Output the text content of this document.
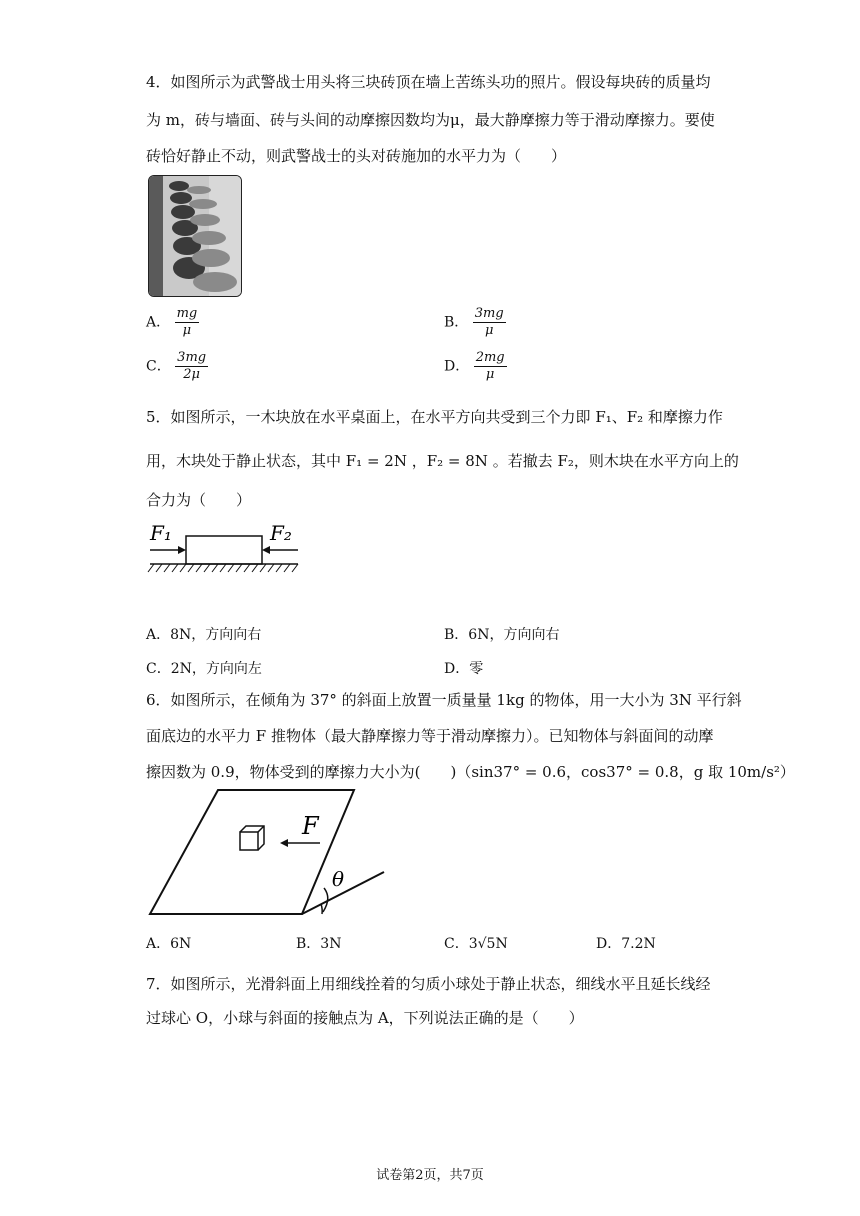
4．如图所示为武警战士用头将三块砖顶在墙上苦练头功的照片。假设每块砖的质量均
为 m，砖与墙面、砖与头间的动摩擦因数均为μ，最大静摩擦力等于滑动摩擦力。要使
砖恰好静止不动，则武警战士的头对砖施加的水平力为（　　）
A． $\frac{mg}{\mu}$	B． $\frac{3mg}{\mu}$
C． $\frac{3mg}{2\mu}$	D． $\frac{2mg}{\mu}$
5．如图所示，一木块放在水平桌面上，在水平方向共受到三个力即 F₁、F₂ 和摩擦力作
用，木块处于静止状态，其中 F₁ = 2N ，F₂ = 8N 。若撤去 F₂，则木块在水平方向上的
合力为（　　）
F₁	F₂
A．8N，方向向右	B．6N，方向向右
C．2N，方向向左	D．零
6．如图所示，在倾角为 37° 的斜面上放置一质量量 1kg 的物体，用一大小为 3N 平行斜
面底边的水平力 F 推物体（最大静摩擦力等于滑动摩擦力）。已知物体与斜面间的动摩
擦因数为 0.9，物体受到的摩擦力大小为(　　)（sin37° = 0.6，cos37° = 0.8，g 取 10m/s²）
F
θ
A．6N	B．3N	C．3√5N	D．7.2N
7．如图所示，光滑斜面上用细线拴着的匀质小球处于静止状态，细线水平且延长线经
过球心 O，小球与斜面的接触点为 A，下列说法正确的是（　　）
试卷第2页，共7页
